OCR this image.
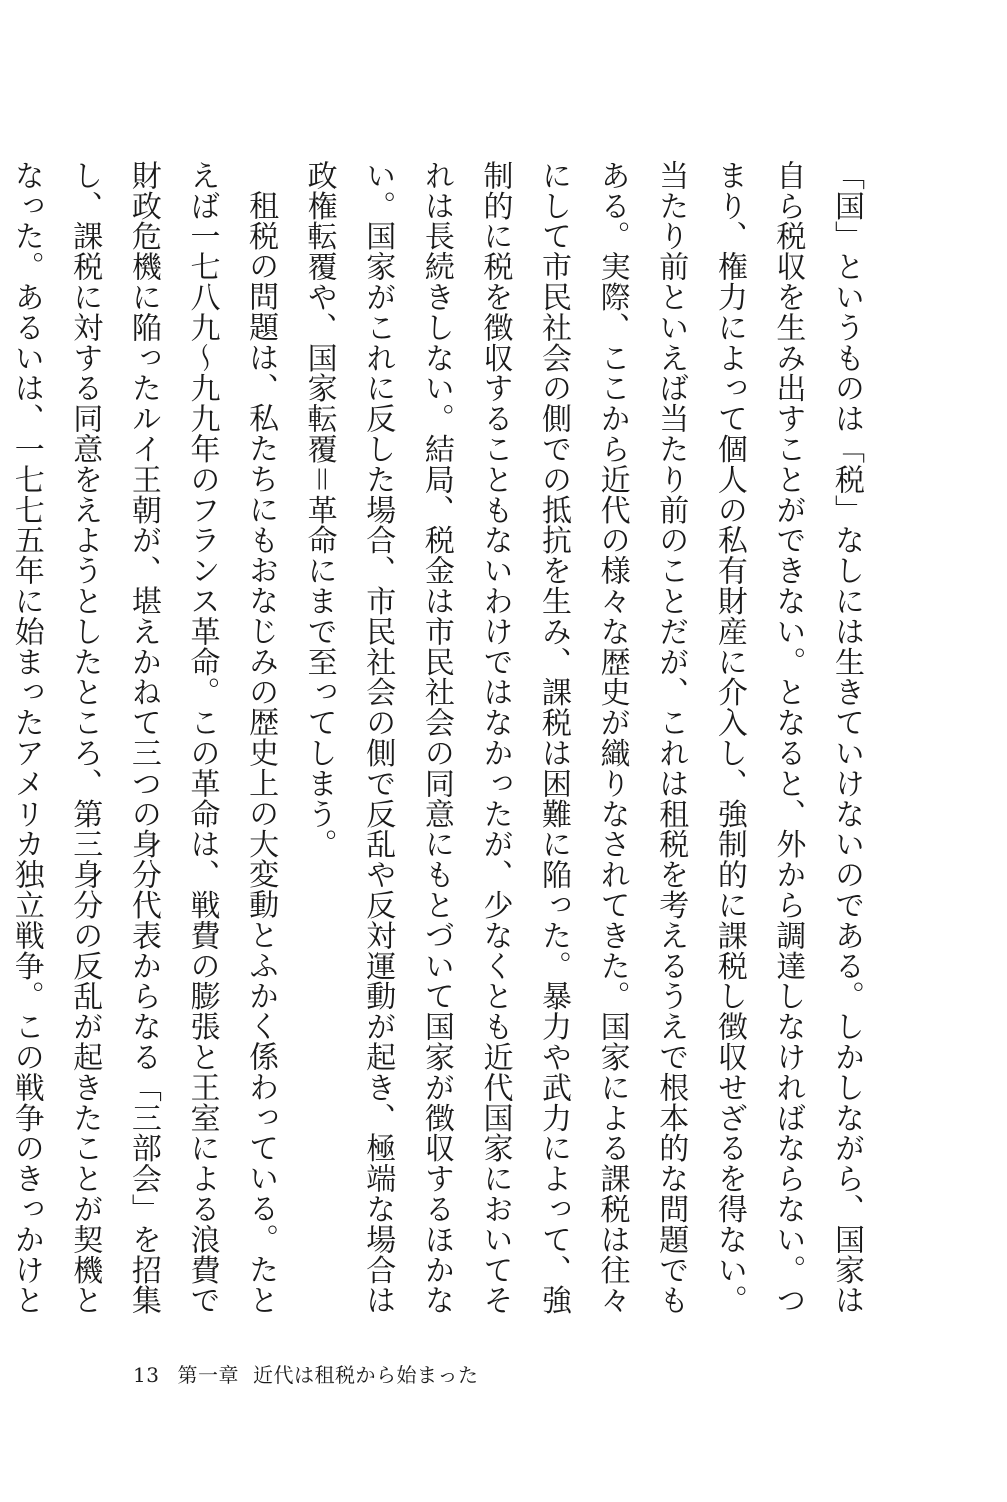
「国」というものは「税」なしには生きていけないのである。しかしながら、国家は自ら税収を生み出すことができない。となると、外から調達しなければならない。つまり、権力によって個人の私有財産に介入し、強制的に課税し徴収せざるを得ない。当たり前といえば当たり前のことだが、これは租税を考えるうえで根本的な問題でもある。実際、ここから近代の様々な歴史が織りなされてきた。国家による課税は往々にして市民社会の側での抵抗を生み、課税は困難に陥った。暴力や武力によって、強制的に税を徴収することもないわけではなかったが、少なくとも近代国家においてそれは長続きしない。結局、税金は市民社会の同意にもとづいて国家が徴収するほかない。国家がこれに反した場合、市民社会の側で反乱や反対運動が起き、極端な場合は政権転覆や、国家転覆＝革命にまで至ってしまう。

租税の問題は、私たちにもおなじみの歴史上の大変動とふかく係わっている。たとえば一七八九〜九九年のフランス革命。この革命は、戦費の膨張と王室による浪費で財政危機に陥ったルイ王朝が、堪えかねて三つの身分代表からなる「三部会」を招集し、課税に対する同意をえようとしたところ、第三身分の反乱が起きたことが契機となった。あるいは、一七七五年に始まったアメリカ独立戦争。この戦争のきっかけと

13 第一章 近代は租税から始まった
